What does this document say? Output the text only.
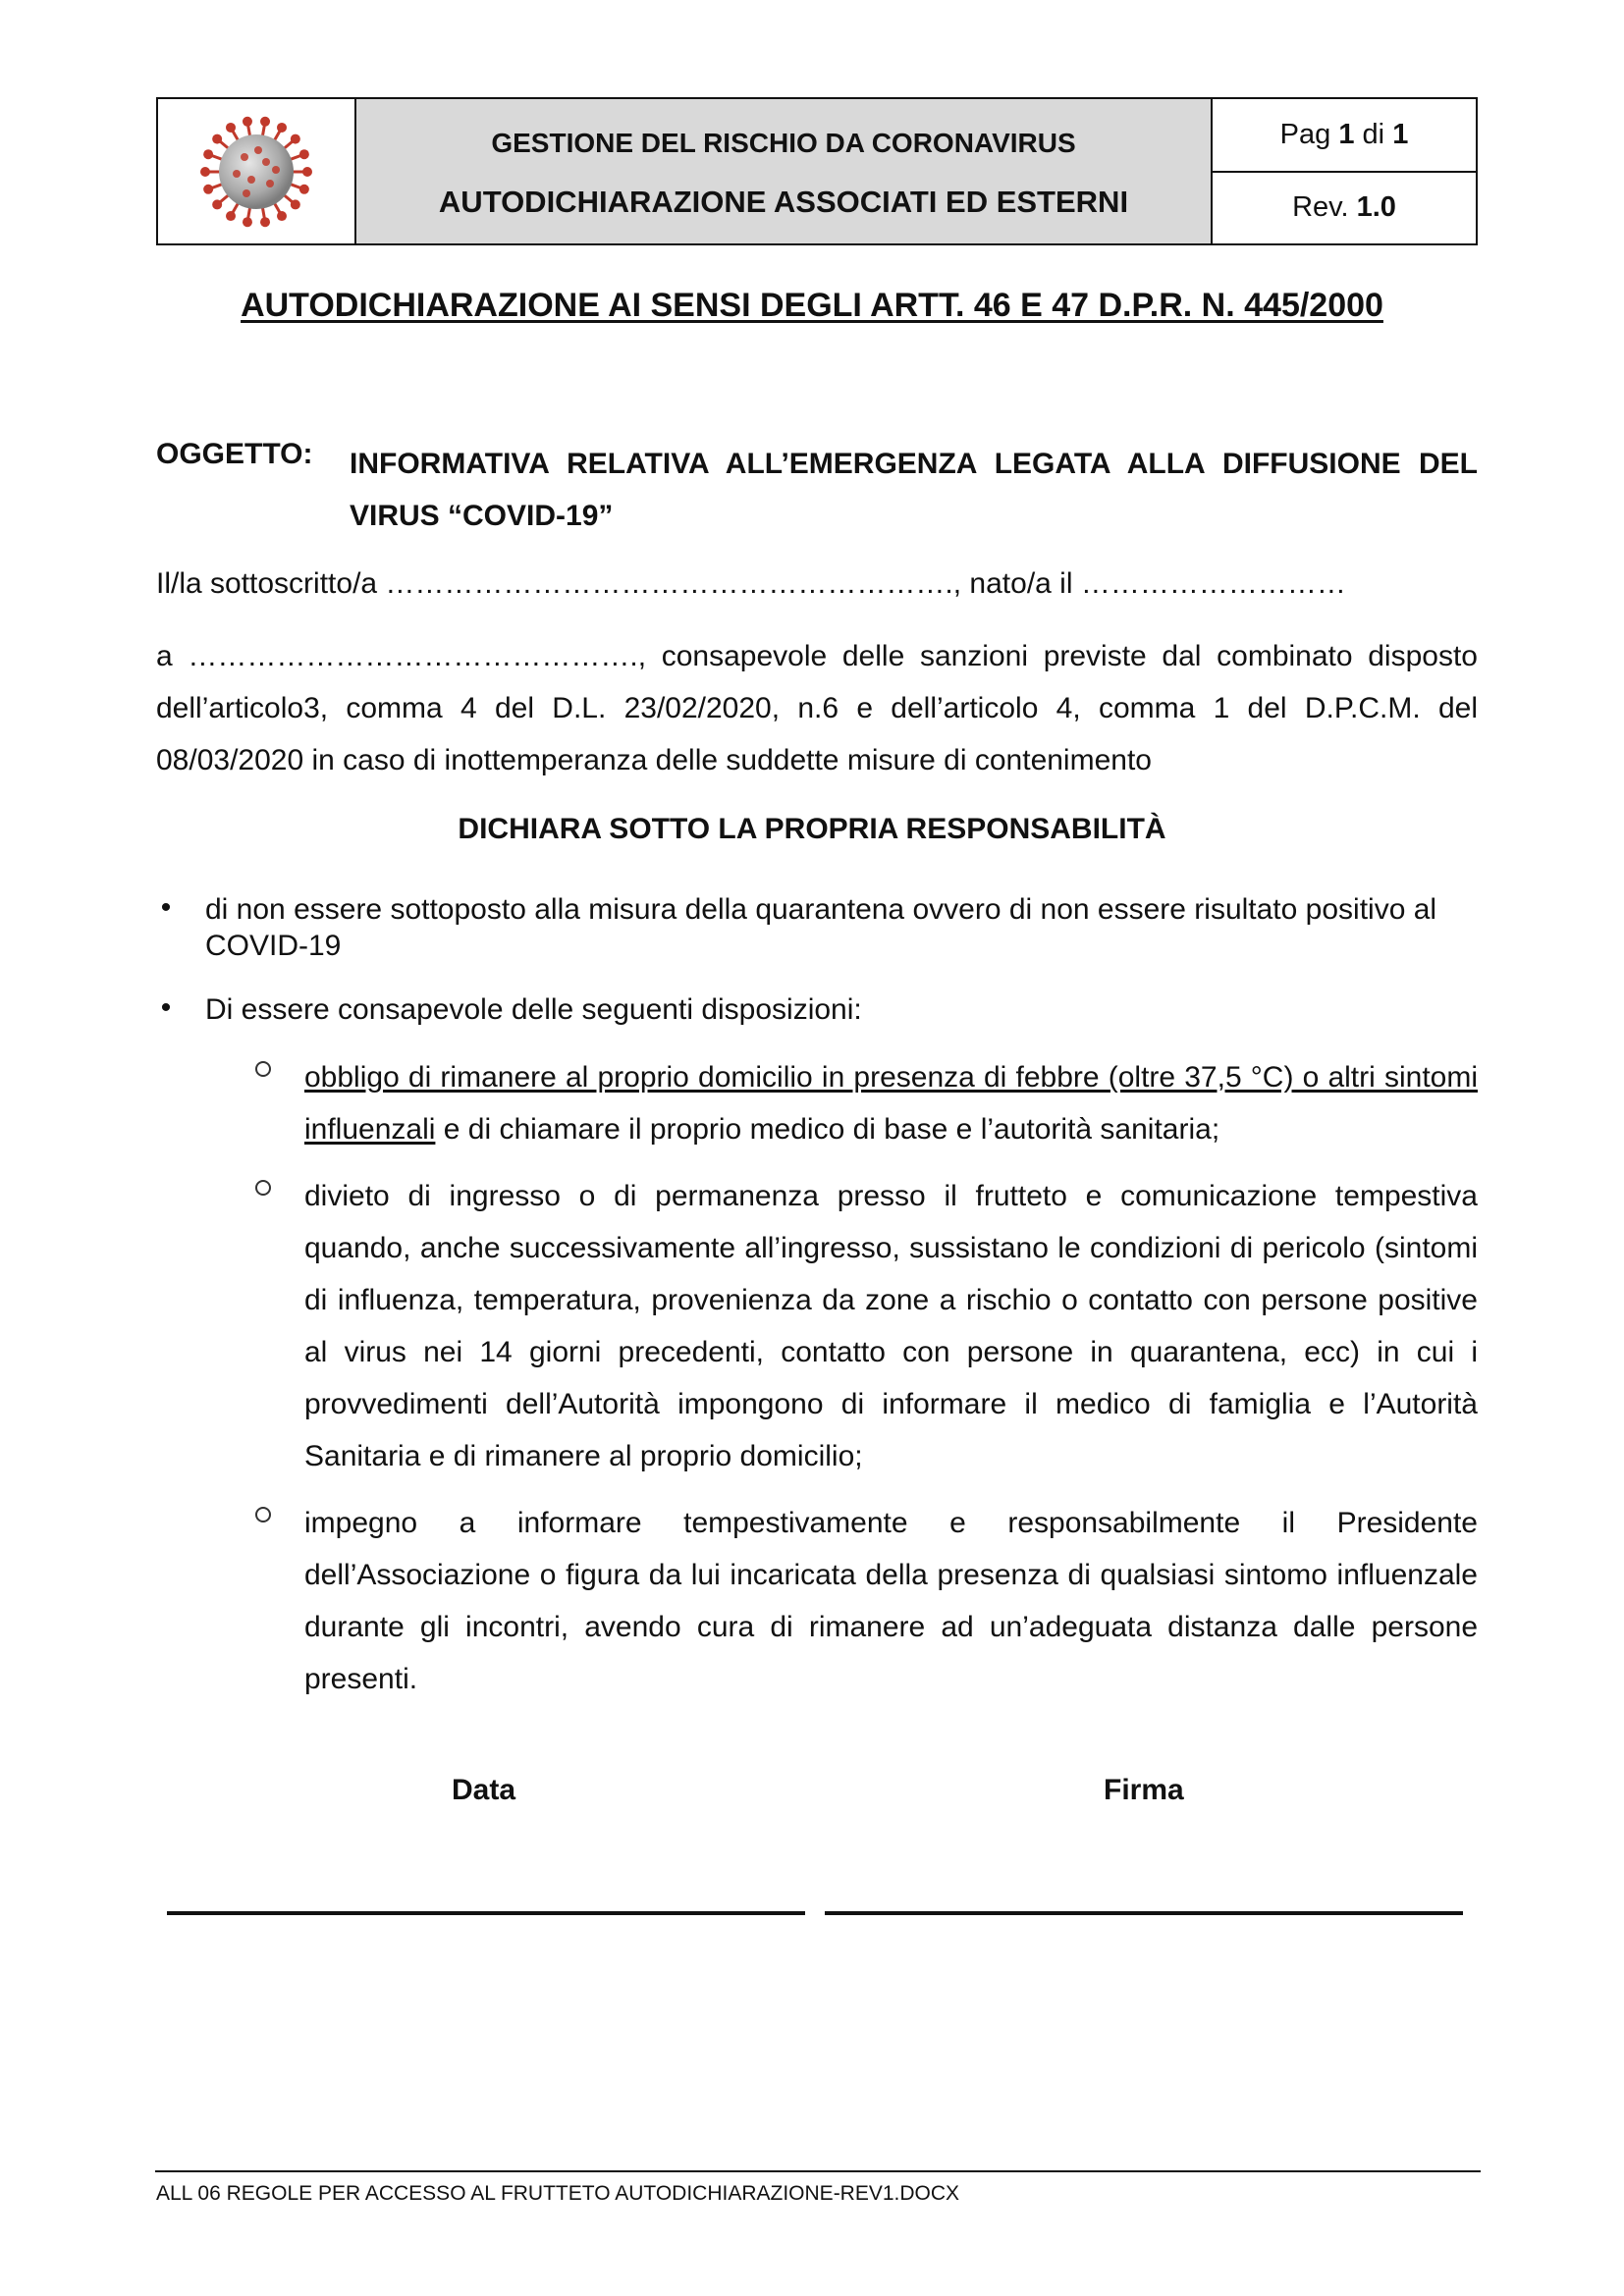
GESTIONE DEL RISCHIO DA CORONAVIRUS
AUTODICHIARAZIONE ASSOCIATI ED ESTERNI
Pag
1
di
1
Rev.
1.0
AUTODICHIARAZIONE AI SENSI DEGLI ARTT. 46 E 47 D.P.R. N. 445/2000
OGGETTO: INFORMATIVA RELATIVA ALL’EMERGENZA LEGATA ALLA DIFFUSIONE DEL
VIRUS “COVID-19”
Il/la sottoscritto/a …………………………………………………., nato/a il ………………………
a ………………………………………., consapevole delle sanzioni previste dal combinato disposto
dell’articolo3, comma 4 del D.L. 23/02/2020, n.6 e dell’articolo 4, comma 1 del D.P.C.M. del
08/03/2020 in caso di inottemperanza delle suddette misure di contenimento
DICHIARA SOTTO LA PROPRIA RESPONSABILITÀ
• di non essere sottoposto alla misura della quarantena ovvero di non essere risultato positivo al COVID-19
• Di essere consapevole delle seguenti disposizioni:
obbligo di rimanere al proprio domicilio in presenza di febbre (oltre 37,5 °C) o altri sintomi
influenzali e di chiamare il proprio medico di base e l’autorità sanitaria;
divieto di ingresso o di permanenza presso il frutteto e comunicazione tempestiva
quando, anche successivamente all’ingresso, sussistano le condizioni di pericolo (sintomi
di influenza, temperatura, provenienza da zone a rischio o contatto con persone positive
al virus nei 14 giorni precedenti, contatto con persone in quarantena, ecc) in cui i
provvedimenti dell’Autorità impongono di informare il medico di famiglia e l’Autorità
Sanitaria e di rimanere al proprio domicilio;
impegno a informare tempestivamente e responsabilmente il Presidente
dell’Associazione o figura da lui incaricata della presenza di qualsiasi sintomo influenzale
durante gli incontri, avendo cura di rimanere ad un’adeguata distanza dalle persone
presenti.
Data	Firma
ALL 06 REGOLE PER ACCESSO AL FRUTTETO AUTODICHIARAZIONE-REV1.DOCX
